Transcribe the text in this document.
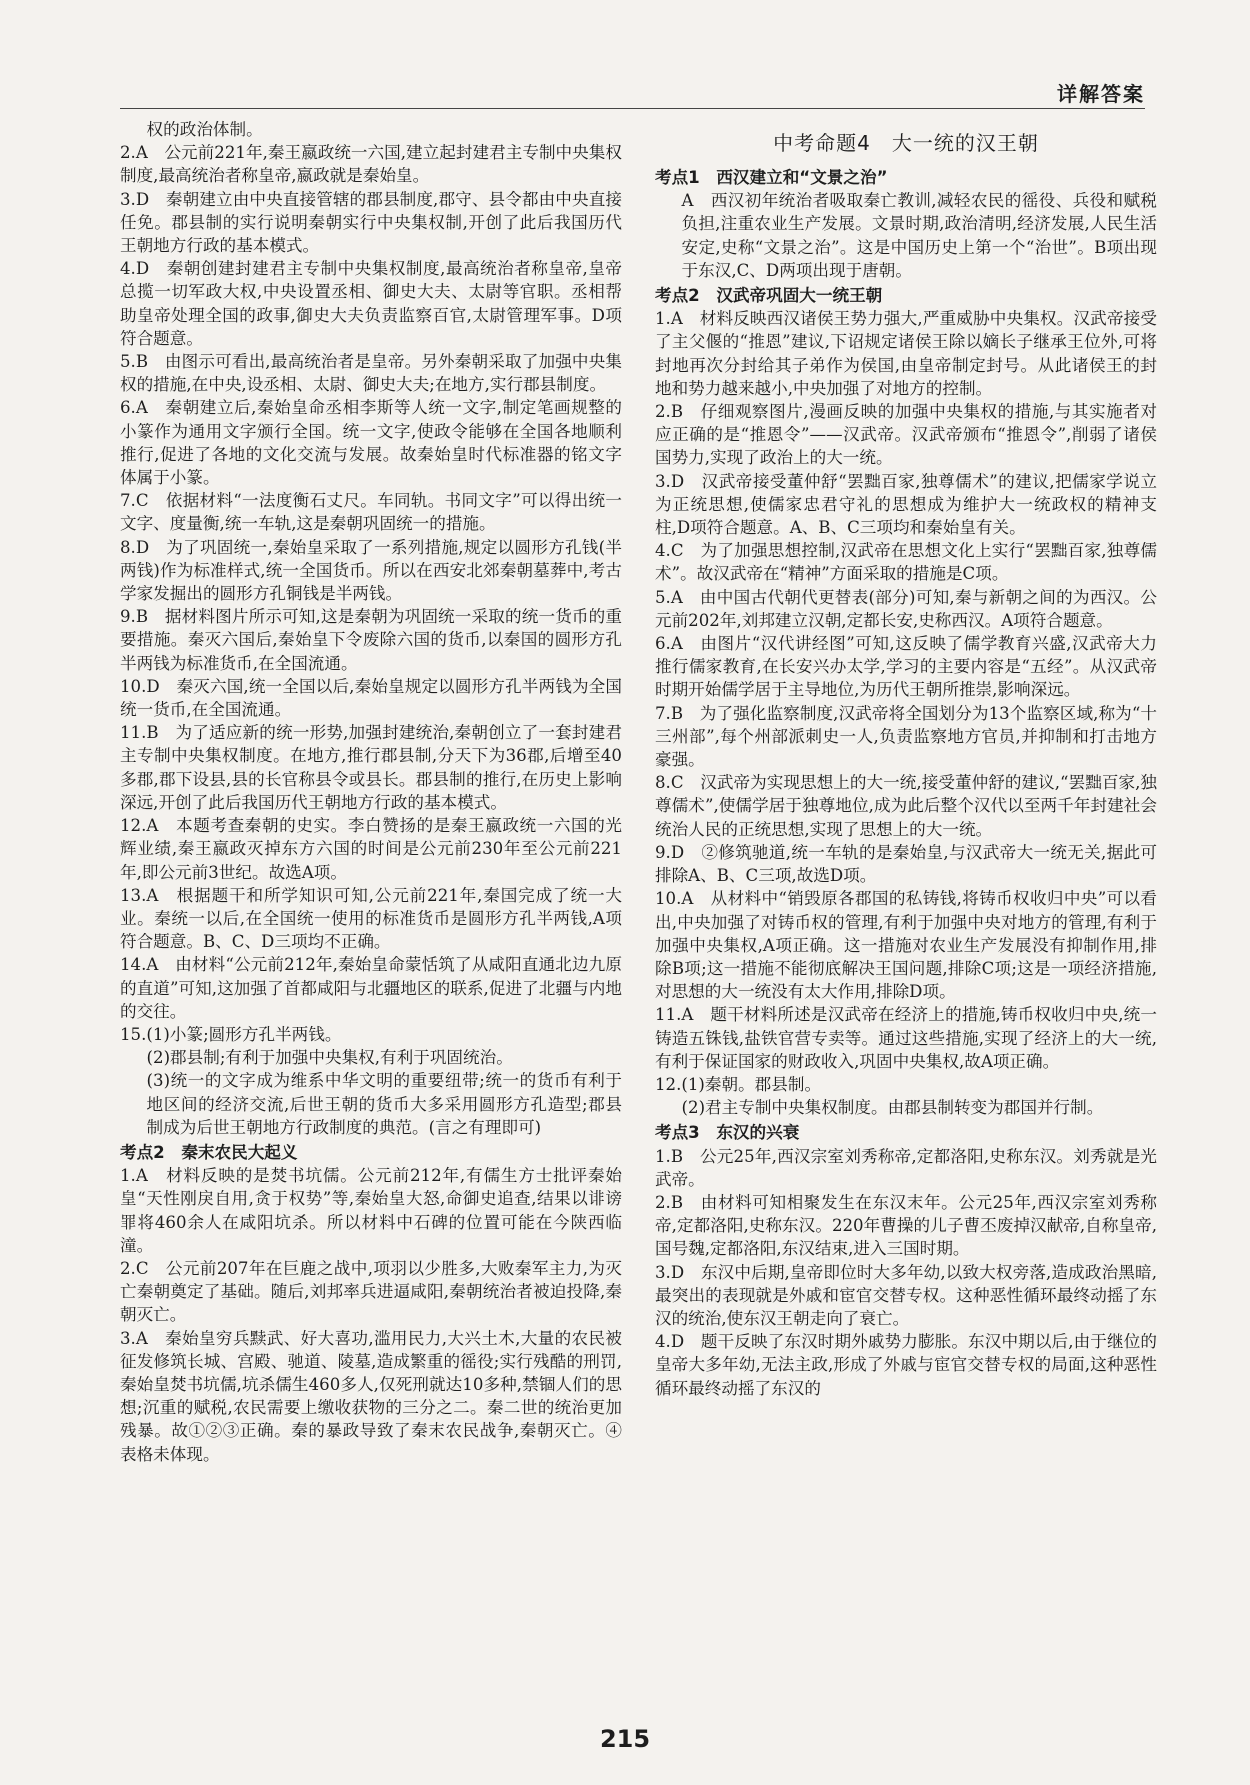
详解答案

权的政治体制。

2.A　公元前221年,秦王嬴政统一六国,建立起封建君主专制中央集权制度,最高统治者称皇帝,嬴政就是秦始皇。

3.D　秦朝建立由中央直接管辖的郡县制度,郡守、县令都由中央直接任免。郡县制的实行说明秦朝实行中央集权制,开创了此后我国历代王朝地方行政的基本模式。

4.D　秦朝创建封建君主专制中央集权制度,最高统治者称皇帝,皇帝总揽一切军政大权,中央设置丞相、御史大夫、太尉等官职。丞相帮助皇帝处理全国的政事,御史大夫负责监察百官,太尉管理军事。D项符合题意。

5.B　由图示可看出,最高统治者是皇帝。另外秦朝采取了加强中央集权的措施,在中央,设丞相、太尉、御史大夫;在地方,实行郡县制度。

6.A　秦朝建立后,秦始皇命丞相李斯等人统一文字,制定笔画规整的小篆作为通用文字颁行全国。统一文字,使政令能够在全国各地顺利推行,促进了各地的文化交流与发展。故秦始皇时代标准器的铭文字体属于小篆。

7.C　依据材料“一法度衡石丈尺。车同轨。书同文字”可以得出统一文字、度量衡,统一车轨,这是秦朝巩固统一的措施。

8.D　为了巩固统一,秦始皇采取了一系列措施,规定以圆形方孔钱(半两钱)作为标准样式,统一全国货币。所以在西安北郊秦朝墓葬中,考古学家发掘出的圆形方孔铜钱是半两钱。

9.B　据材料图片所示可知,这是秦朝为巩固统一采取的统一货币的重要措施。秦灭六国后,秦始皇下令废除六国的货币,以秦国的圆形方孔半两钱为标准货币,在全国流通。

10.D　秦灭六国,统一全国以后,秦始皇规定以圆形方孔半两钱为全国统一货币,在全国流通。

11.B　为了适应新的统一形势,加强封建统治,秦朝创立了一套封建君主专制中央集权制度。在地方,推行郡县制,分天下为36郡,后增至40多郡,郡下设县,县的长官称县令或县长。郡县制的推行,在历史上影响深远,开创了此后我国历代王朝地方行政的基本模式。

12.A　本题考查秦朝的史实。李白赞扬的是秦王嬴政统一六国的光辉业绩,秦王嬴政灭掉东方六国的时间是公元前230年至公元前221年,即公元前3世纪。故选A项。

13.A　根据题干和所学知识可知,公元前221年,秦国完成了统一大业。秦统一以后,在全国统一使用的标准货币是圆形方孔半两钱,A项符合题意。B、C、D三项均不正确。

14.A　由材料“公元前212年,秦始皇命蒙恬筑了从咸阳直通北边九原的直道”可知,这加强了首都咸阳与北疆地区的联系,促进了北疆与内地的交往。

15.(1)小篆;圆形方孔半两钱。

(2)郡县制;有利于加强中央集权,有利于巩固统治。

(3)统一的文字成为维系中华文明的重要纽带;统一的货币有利于地区间的经济交流,后世王朝的货币大多采用圆形方孔造型;郡县制成为后世王朝地方行政制度的典范。(言之有理即可)

考点2　秦末农民大起义

1.A　材料反映的是焚书坑儒。公元前212年,有儒生方士批评秦始皇“天性刚戾自用,贪于权势”等,秦始皇大怒,命御史追查,结果以诽谤罪将460余人在咸阳坑杀。所以材料中石碑的位置可能在今陕西临潼。

2.C　公元前207年在巨鹿之战中,项羽以少胜多,大败秦军主力,为灭亡秦朝奠定了基础。随后,刘邦率兵进逼咸阳,秦朝统治者被迫投降,秦朝灭亡。

3.A　秦始皇穷兵黩武、好大喜功,滥用民力,大兴土木,大量的农民被征发修筑长城、宫殿、驰道、陵墓,造成繁重的徭役;实行残酷的刑罚,秦始皇焚书坑儒,坑杀儒生460多人,仅死刑就达10多种,禁锢人们的思想;沉重的赋税,农民需要上缴收获物的三分之二。秦二世的统治更加残暴。故①②③正确。秦的暴政导致了秦末农民战争,秦朝灭亡。④表格未体现。

中考命题4　大一统的汉王朝
考点1　西汉建立和“文景之治”

A　西汉初年统治者吸取秦亡教训,减轻农民的徭役、兵役和赋税负担,注重农业生产发展。文景时期,政治清明,经济发展,人民生活安定,史称“文景之治”。这是中国历史上第一个“治世”。B项出现于东汉,C、D两项出现于唐朝。

考点2　汉武帝巩固大一统王朝

1.A　材料反映西汉诸侯王势力强大,严重威胁中央集权。汉武帝接受了主父偃的“推恩”建议,下诏规定诸侯王除以嫡长子继承王位外,可将封地再次分封给其子弟作为侯国,由皇帝制定封号。从此诸侯王的封地和势力越来越小,中央加强了对地方的控制。

2.B　仔细观察图片,漫画反映的加强中央集权的措施,与其实施者对应正确的是“推恩令”——汉武帝。汉武帝颁布“推恩令”,削弱了诸侯国势力,实现了政治上的大一统。

3.D　汉武帝接受董仲舒“罢黜百家,独尊儒术”的建议,把儒家学说立为正统思想,使儒家忠君守礼的思想成为维护大一统政权的精神支柱,D项符合题意。A、B、C三项均和秦始皇有关。

4.C　为了加强思想控制,汉武帝在思想文化上实行“罢黜百家,独尊儒术”。故汉武帝在“精神”方面采取的措施是C项。

5.A　由中国古代朝代更替表(部分)可知,秦与新朝之间的为西汉。公元前202年,刘邦建立汉朝,定都长安,史称西汉。A项符合题意。

6.A　由图片“汉代讲经图”可知,这反映了儒学教育兴盛,汉武帝大力推行儒家教育,在长安兴办太学,学习的主要内容是“五经”。从汉武帝时期开始儒学居于主导地位,为历代王朝所推崇,影响深远。

7.B　为了强化监察制度,汉武帝将全国划分为13个监察区域,称为“十三州部”,每个州部派刺史一人,负责监察地方官员,并抑制和打击地方豪强。

8.C　汉武帝为实现思想上的大一统,接受董仲舒的建议,“罢黜百家,独尊儒术”,使儒学居于独尊地位,成为此后整个汉代以至两千年封建社会统治人民的正统思想,实现了思想上的大一统。

9.D　②修筑驰道,统一车轨的是秦始皇,与汉武帝大一统无关,据此可排除A、B、C三项,故选D项。

10.A　从材料中“销毁原各郡国的私铸钱,将铸币权收归中央”可以看出,中央加强了对铸币权的管理,有利于加强中央对地方的管理,有利于加强中央集权,A项正确。这一措施对农业生产发展没有抑制作用,排除B项;这一措施不能彻底解决王国问题,排除C项;这是一项经济措施,对思想的大一统没有太大作用,排除D项。

11.A　题干材料所述是汉武帝在经济上的措施,铸币权收归中央,统一铸造五铢钱,盐铁官营专卖等。通过这些措施,实现了经济上的大一统,有利于保证国家的财政收入,巩固中央集权,故A项正确。

12.(1)秦朝。郡县制。

(2)君主专制中央集权制度。由郡县制转变为郡国并行制。

考点3　东汉的兴衰

1.B　公元25年,西汉宗室刘秀称帝,定都洛阳,史称东汉。刘秀就是光武帝。

2.B　由材料可知相聚发生在东汉末年。公元25年,西汉宗室刘秀称帝,定都洛阳,史称东汉。220年曹操的儿子曹丕废掉汉献帝,自称皇帝,国号魏,定都洛阳,东汉结束,进入三国时期。

3.D　东汉中后期,皇帝即位时大多年幼,以致大权旁落,造成政治黑暗,最突出的表现就是外戚和宦官交替专权。这种恶性循环最终动摇了东汉的统治,使东汉王朝走向了衰亡。

4.D　题干反映了东汉时期外戚势力膨胀。东汉中期以后,由于继位的皇帝大多年幼,无法主政,形成了外戚与宦官交替专权的局面,这种恶性循环最终动摇了东汉的

215
